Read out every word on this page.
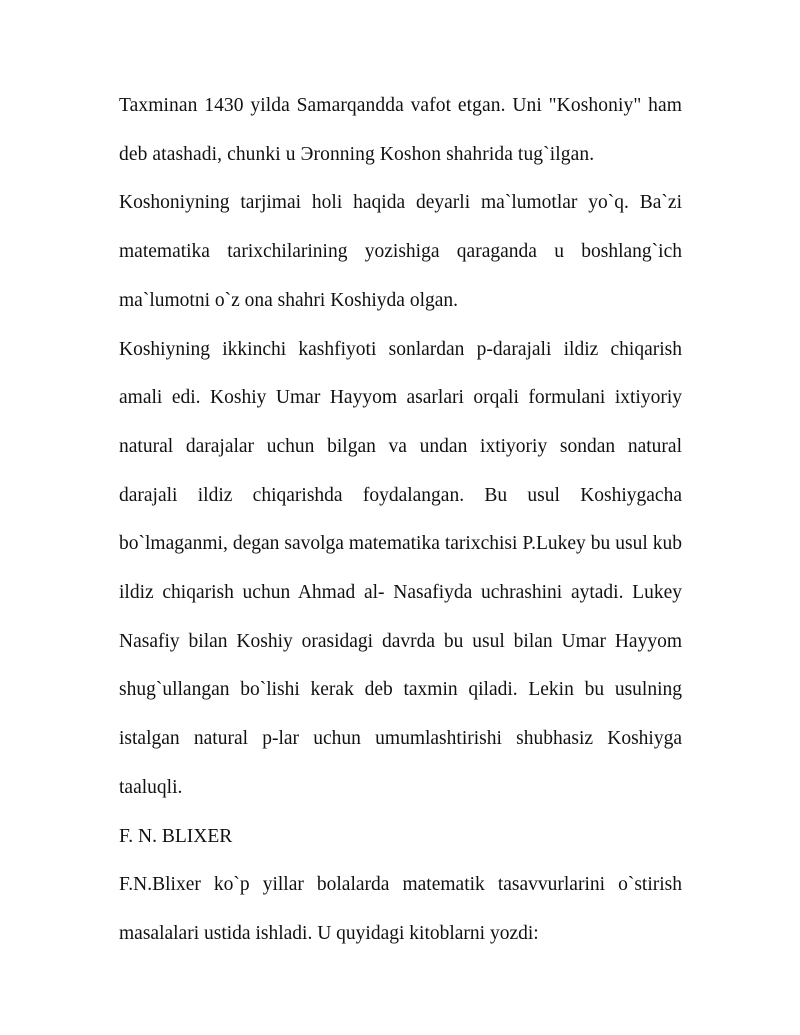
Taxminan 1430 yilda Samarqandda vafot etgan. Uni "Koshoniy" ham deb atashadi, chunki u Эronning Koshon shahrida tug`ilgan.

Koshoniyning tarjimai holi haqida deyarli ma`lumotlar yo`q. Ba`zi matematika tarixchilarining yozishiga qaraganda u boshlang`ich ma`lumotni o`z ona shahri Koshiyda olgan.

Koshiyning ikkinchi kashfiyoti sonlardan p-darajali ildiz chiqarish amali edi. Koshiy Umar Hayyom asarlari orqali formulani ixtiyoriy natural darajalar uchun bilgan va undan ixtiyoriy sondan natural darajali ildiz chiqarishda foydalangan. Bu usul Koshiygacha bo`lmaganmi, degan savolga matematika tarixchisi P.Lukey bu usul kub ildiz chiqarish uchun Ahmad al- Nasafiyda uchrashini aytadi. Lukey Nasafiy bilan Koshiy orasidagi davrda bu usul bilan Umar Hayyom shug`ullangan bo`lishi kerak deb taxmin qiladi. Lekin bu usulning istalgan natural p-lar uchun umumlashtirishi shubhasiz Koshiyga taaluqli.

F. N. BLIXER

F.N.Blixer ko`p yillar bolalarda matematik tasavvurlarini o`stirish masalalari ustida ishladi. U quyidagi kitoblarni yozdi:
